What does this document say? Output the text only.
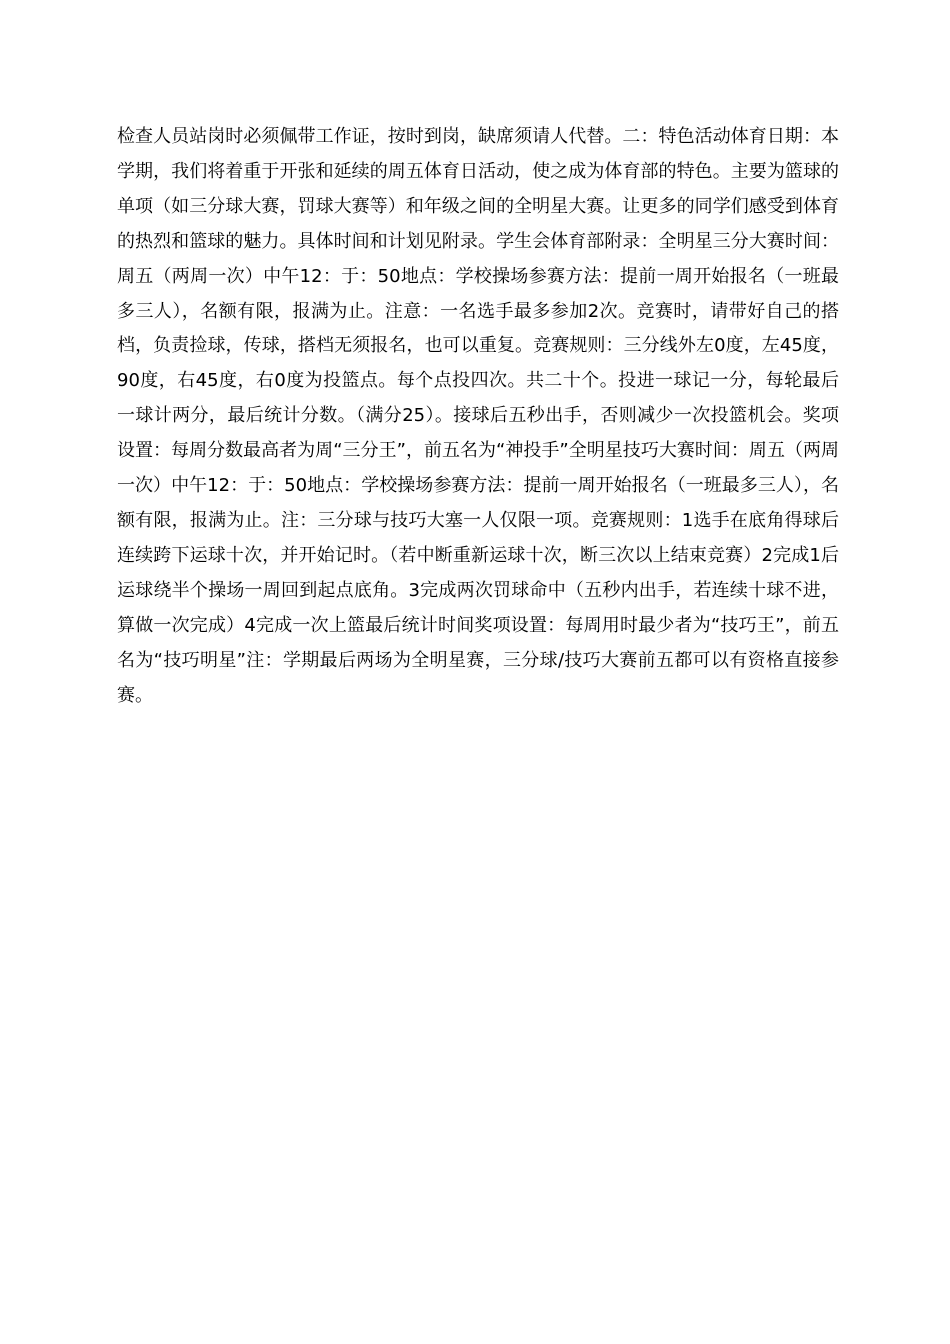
检查人员站岗时必须佩带工作证，按时到岗，缺席须请人代替。二：特色活动体育日期：本学期，我们将着重于开张和延续的周五体育日活动，使之成为体育部的特色。主要为篮球的单项（如三分球大赛，罚球大赛等）和年级之间的全明星大赛。让更多的同学们感受到体育的热烈和篮球的魅力。具体时间和计划见附录。学生会体育部附录：全明星三分大赛时间：周五（两周一次）中午12：于：50地点：学校操场参赛方法：提前一周开始报名（一班最多三人），名额有限，报满为止。注意：一名选手最多参加2次。竞赛时，请带好自己的搭档，负责捡球，传球，搭档无须报名，也可以重复。竞赛规则：三分线外左0度，左45度，90度，右45度，右0度为投篮点。每个点投四次。共二十个。投进一球记一分，每轮最后一球计两分，最后统计分数。（满分25）。接球后五秒出手，否则减少一次投篮机会。奖项设置：每周分数最高者为周“三分王”，前五名为“神投手”全明星技巧大赛时间：周五（两周一次）中午12：于：50地点：学校操场参赛方法：提前一周开始报名（一班最多三人），名额有限，报满为止。注：三分球与技巧大塞一人仅限一项。竞赛规则：1选手在底角得球后连续跨下运球十次，并开始记时。（若中断重新运球十次，断三次以上结束竞赛）2完成1后运球绕半个操场一周回到起点底角。3完成两次罚球命中（五秒内出手，若连续十球不进，算做一次完成）4完成一次上篮最后统计时间奖项设置：每周用时最少者为“技巧王”，前五名为“技巧明星”注：学期最后两场为全明星赛，三分球/技巧大赛前五都可以有资格直接参赛。
